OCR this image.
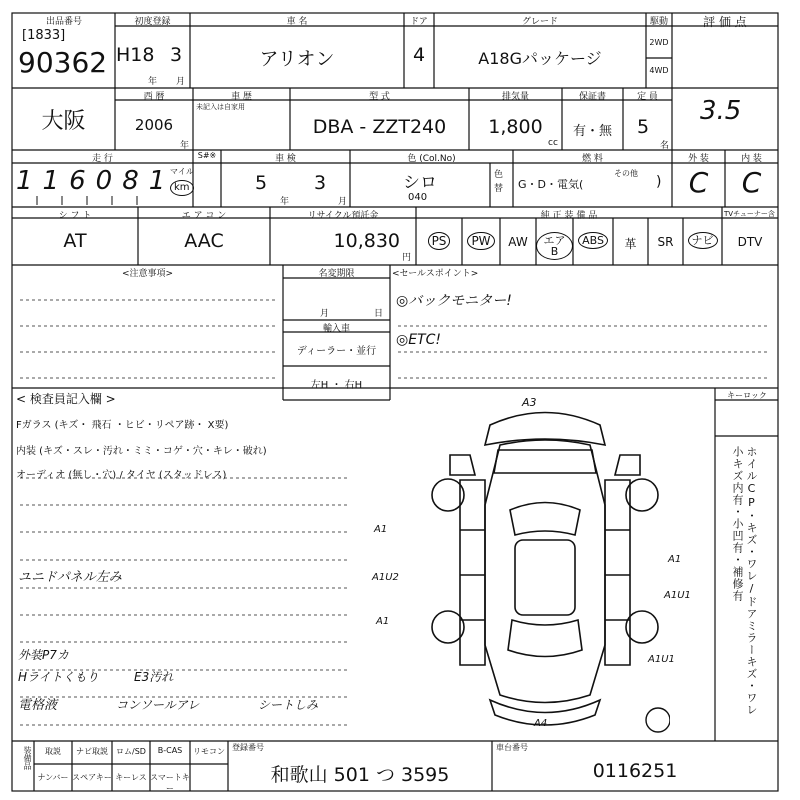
出品番号
[1833]
90362
初度登録
H18 3
年 月
車 名
アリオン
ドア
4
グレード
A18Gパッケージ
駆動
2WD
4WD
評 価 点
3.5
大阪
西 暦
2006
年
車 歴
未記入は自家用
型 式
DBA - ZZT240
排気量
1,800
cc
保証書
有・無
定 員
5
名
走 行
116081
マイル
km
S#※	車 検
5
年
3
月
色 (Col.No)
シロ
040
色替
燃 料
G・D・電気(
その他
)
外 装
C
内 装
C
シ フ ト
AT
エ ア コ ン
AAC
リサイクル預託金
10,830
円
純 正 装 備 品	TVチューナー含
PS	PW	AW	エアB
ABS	革	SR	ナビ	DTV
<注意事項>	名変期限
月	日
輸入車
ディーラー・並行
左H ・ 右H
<セールスポイント>
◎バックモニター!
◎ETC!
< 検査員記入欄 >
Fガラス (キズ・ 飛石 ・ヒビ・リペア跡・ X要)
内装 (キズ・スレ・汚れ・ミミ・コゲ・穴・キレ・破れ)
オーディオ (無し・穴) / タイヤ (スタッドレス)
ユニドパネル左み
外装P7カ
Hライトくもり	E3汚れ
電格液	コンソールアレ	シートしみ
キーロック
ホイルCP・キズ・ワレ/ドアミラーキズ・ワレ 小キズ内有・小凹有・補修有
A3
A1
A1U2
A1
A1
A1U1
A1U1
A4
装備品	取説	ナビ取説	ロム/SD	B-CAS	リモコン
ナンバー スペアキー キーレス スマートキー
登録番号
和歌山 501 つ 3595
車台番号
0116251
